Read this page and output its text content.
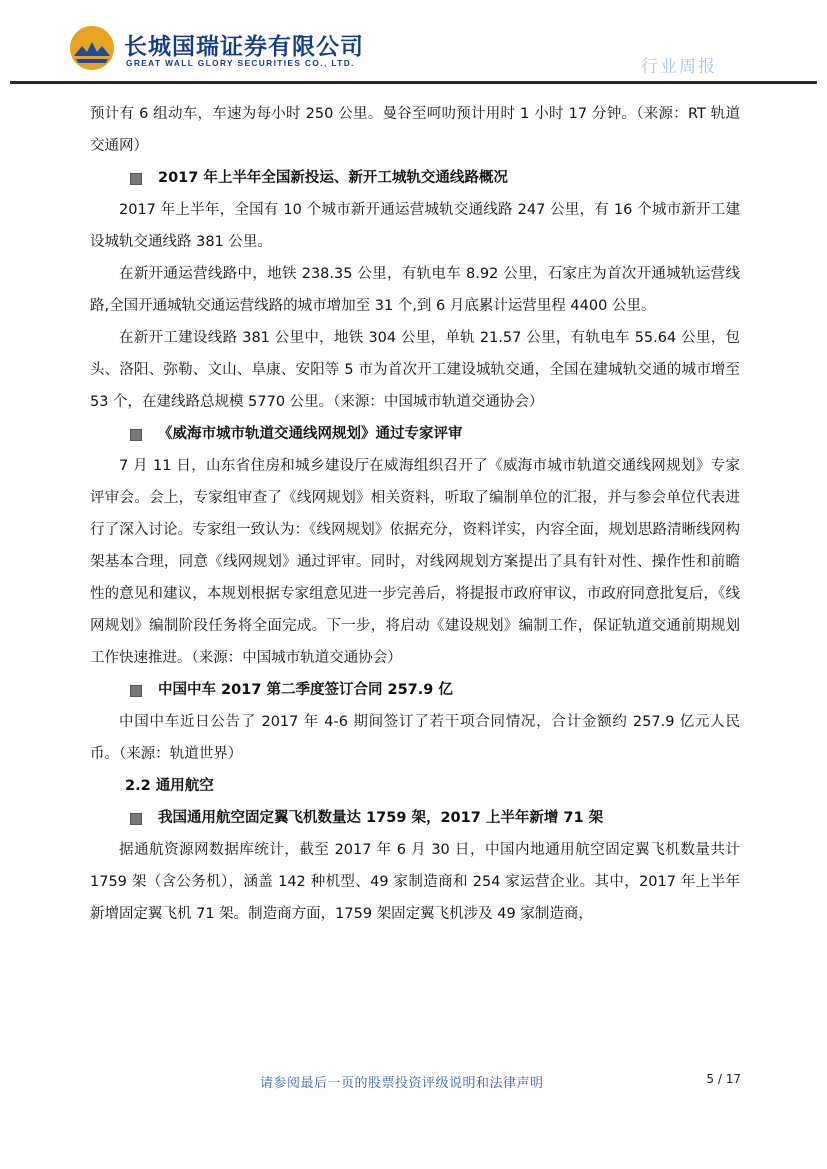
长城国瑞证券有限公司
GREAT WALL GLORY SECURITIES CO., LTD.	行业周报

预计有 6 组动车，车速为每小时 250 公里。曼谷至呵叻预计用时 1 小时 17 分钟。（来源：RT 轨道交通网）

2017 年上半年全国新投运、新开工城轨交通线路概况

2017 年上半年，全国有 10 个城市新开通运营城轨交通线路 247 公里，有 16 个城市新开工建设城轨交通线路 381 公里。

在新开通运营线路中，地铁 238.35 公里，有轨电车 8.92 公里，石家庄为首次开通城轨运营线路,全国开通城轨交通运营线路的城市增加至 31 个,到 6 月底累计运营里程 4400 公里。

在新开工建设线路 381 公里中，地铁 304 公里，单轨 21.57 公里，有轨电车 55.64 公里，包头、洛阳、弥勒、文山、阜康、安阳等 5 市为首次开工建设城轨交通，全国在建城轨交通的城市增至 53 个，在建线路总规模 5770 公里。（来源：中国城市轨道交通协会）

《威海市城市轨道交通线网规划》通过专家评审

7 月 11 日，山东省住房和城乡建设厅在威海组织召开了《威海市城市轨道交通线网规划》专家评审会。会上，专家组审查了《线网规划》相关资料，听取了编制单位的汇报，并与参会单位代表进行了深入讨论。专家组一致认为：《线网规划》依据充分，资料详实，内容全面，规划思路清晰线网构架基本合理，同意《线网规划》通过评审。同时，对线网规划方案提出了具有针对性、操作性和前瞻性的意见和建议，本规划根据专家组意见进一步完善后，将提报市政府审议，市政府同意批复后，《线网规划》编制阶段任务将全面完成。下一步，将启动《建设规划》编制工作，保证轨道交通前期规划工作快速推进。（来源：中国城市轨道交通协会）

中国中车 2017 第二季度签订合同 257.9 亿

中国中车近日公告了 2017 年 4-6 期间签订了若干项合同情况，合计金额约 257.9 亿元人民币。（来源：轨道世界）

2.2 通用航空
我国通用航空固定翼飞机数量达 1759 架，2017 上半年新增 71 架

据通航资源网数据库统计，截至 2017 年 6 月 30 日，中国内地通用航空固定翼飞机数量共计 1759 架（含公务机），涵盖 142 种机型、49 家制造商和 254 家运营企业。其中，2017 年上半年新增固定翼飞机 71 架。制造商方面，1759 架固定翼飞机涉及 49 家制造商，

请参阅最后一页的股票投资评级说明和法律声明	5 / 17
